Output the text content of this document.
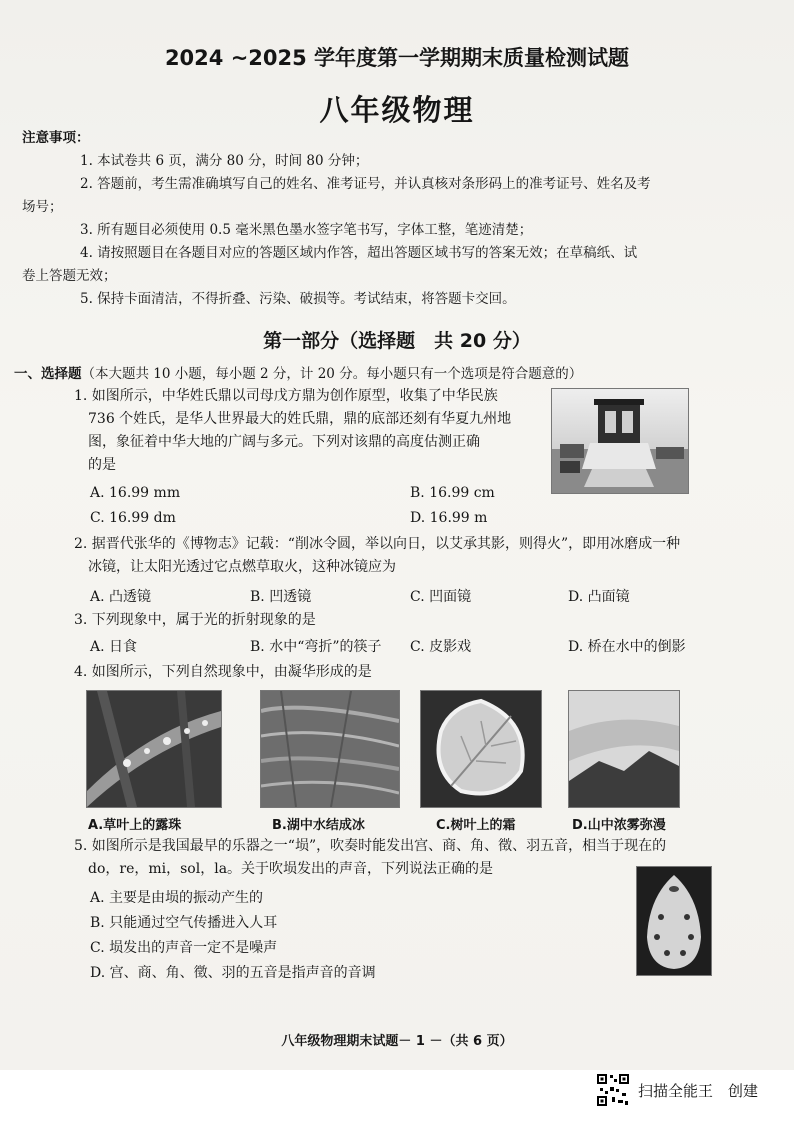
2024 ~2025 学年度第一学期期末质量检测试题
八年级物理
注意事项：
1. 本试卷共 6 页，满分 80 分，时间 80 分钟；
2. 答题前，考生需准确填写自己的姓名、准考证号，并认真核对条形码上的准考证号、姓名及考
场号；
3. 所有题目必须使用 0.5 毫米黑色墨水签字笔书写，字体工整，笔迹清楚；
4. 请按照题目在各题目对应的答题区域内作答，超出答题区域书写的答案无效；在草稿纸、试
卷上答题无效；
5. 保持卡面清洁，不得折叠、污染、破损等。考试结束，将答题卡交回。
第一部分（选择题　共 20 分）
一、选择题（本大题共 10 小题，每小题 2 分，计 20 分。每小题只有一个选项是符合题意的）
1. 如图所示，中华姓氏鼎以司母戊方鼎为创作原型，收集了中华民族
736 个姓氏，是华人世界最大的姓氏鼎，鼎的底部还刻有华夏九州地
图，象征着中华大地的广阔与多元。下列对该鼎的高度估测正确
的是
A. 16.99 mm	B. 16.99 cm
C. 16.99 dm	D. 16.99 m
2. 据晋代张华的《博物志》记载：“削冰令圆，举以向日，以艾承其影，则得火”，即用冰磨成一种
冰镜，让太阳光透过它点燃草取火，这种冰镜应为
A. 凸透镜	B. 凹透镜	C. 凹面镜	D. 凸面镜
3. 下列现象中，属于光的折射现象的是
A. 日食	B. 水中“弯折”的筷子 C. 皮影戏	D. 桥在水中的倒影
4. 如图所示，下列自然现象中，由凝华形成的是
A.草叶上的露珠	B.湖中水结成冰	C.树叶上的霜	D.山中浓雾弥漫
5. 如图所示是我国最早的乐器之一“埙”，吹奏时能发出宫、商、角、徵、羽五音，相当于现在的
do，re，mi，sol，la。关于吹埙发出的声音，下列说法正确的是
A. 主要是由埙的振动产生的
B. 只能通过空气传播进入人耳
C. 埙发出的声音一定不是噪声
D. 宫、商、角、徵、羽的五音是指声音的音调
八年级物理期末试题－ 1 －（共 6 页）
扫描全能王　创建
